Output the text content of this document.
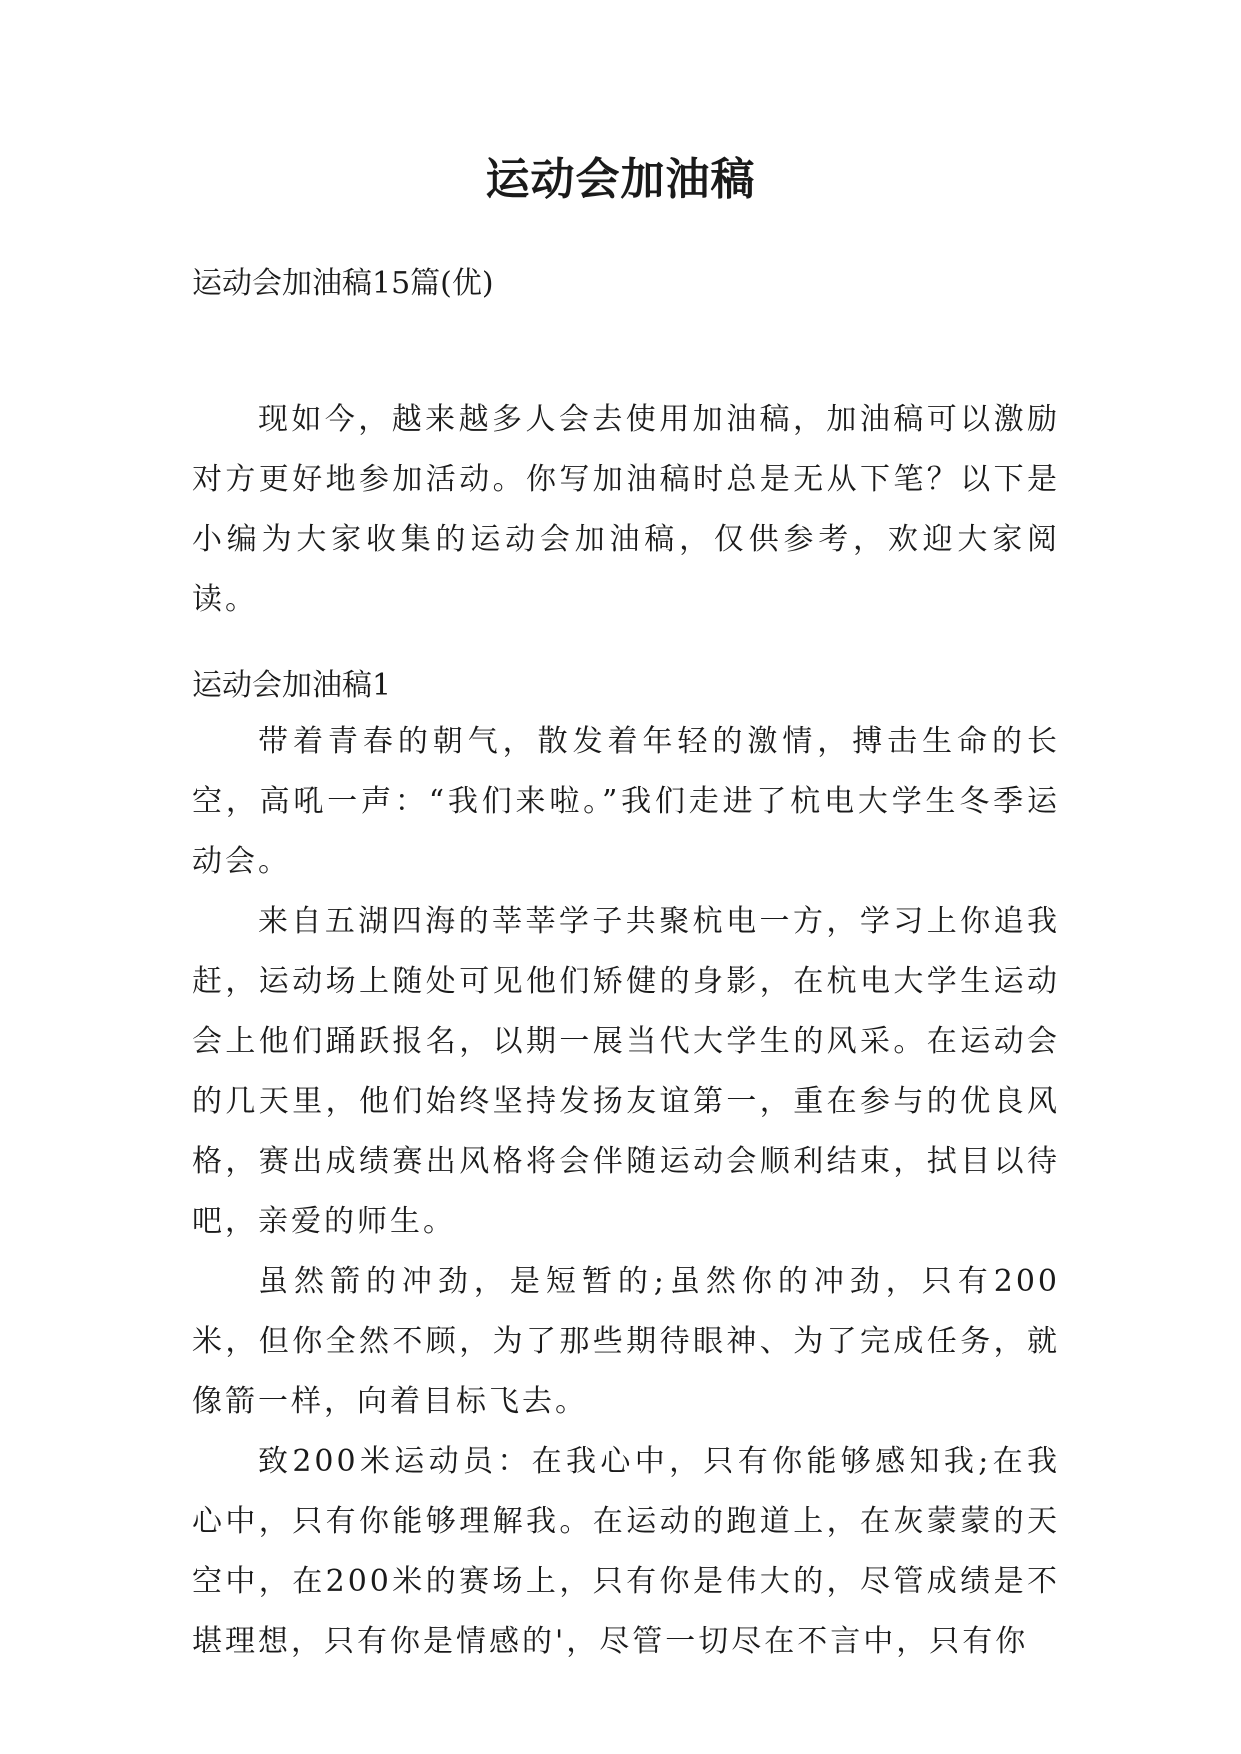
运动会加油稿

运动会加油稿15篇(优)

现如今，越来越多人会去使用加油稿，加油稿可以激励对方更好地参加活动。你写加油稿时总是无从下笔？以下是小编为大家收集的运动会加油稿，仅供参考，欢迎大家阅读。

运动会加油稿1

带着青春的朝气，散发着年轻的激情，搏击生命的长空，高吼一声：“我们来啦。”我们走进了杭电大学生冬季运动会。

来自五湖四海的莘莘学子共聚杭电一方，学习上你追我赶，运动场上随处可见他们矫健的身影，在杭电大学生运动会上他们踊跃报名，以期一展当代大学生的风采。在运动会的几天里，他们始终坚持发扬友谊第一，重在参与的优良风格，赛出成绩赛出风格将会伴随运动会顺利结束，拭目以待吧，亲爱的师生。

虽然箭的冲劲，是短暂的;虽然你的冲劲，只有200米，但你全然不顾，为了那些期待眼神、为了完成任务，就像箭一样，向着目标飞去。

致200米运动员：在我心中，只有你能够感知我;在我心中，只有你能够理解我。在运动的跑道上，在灰蒙蒙的天空中，在200米的赛场上，只有你是伟大的，尽管成绩是不堪理想，只有你是情感的'，尽管一切尽在不言中，只有你
